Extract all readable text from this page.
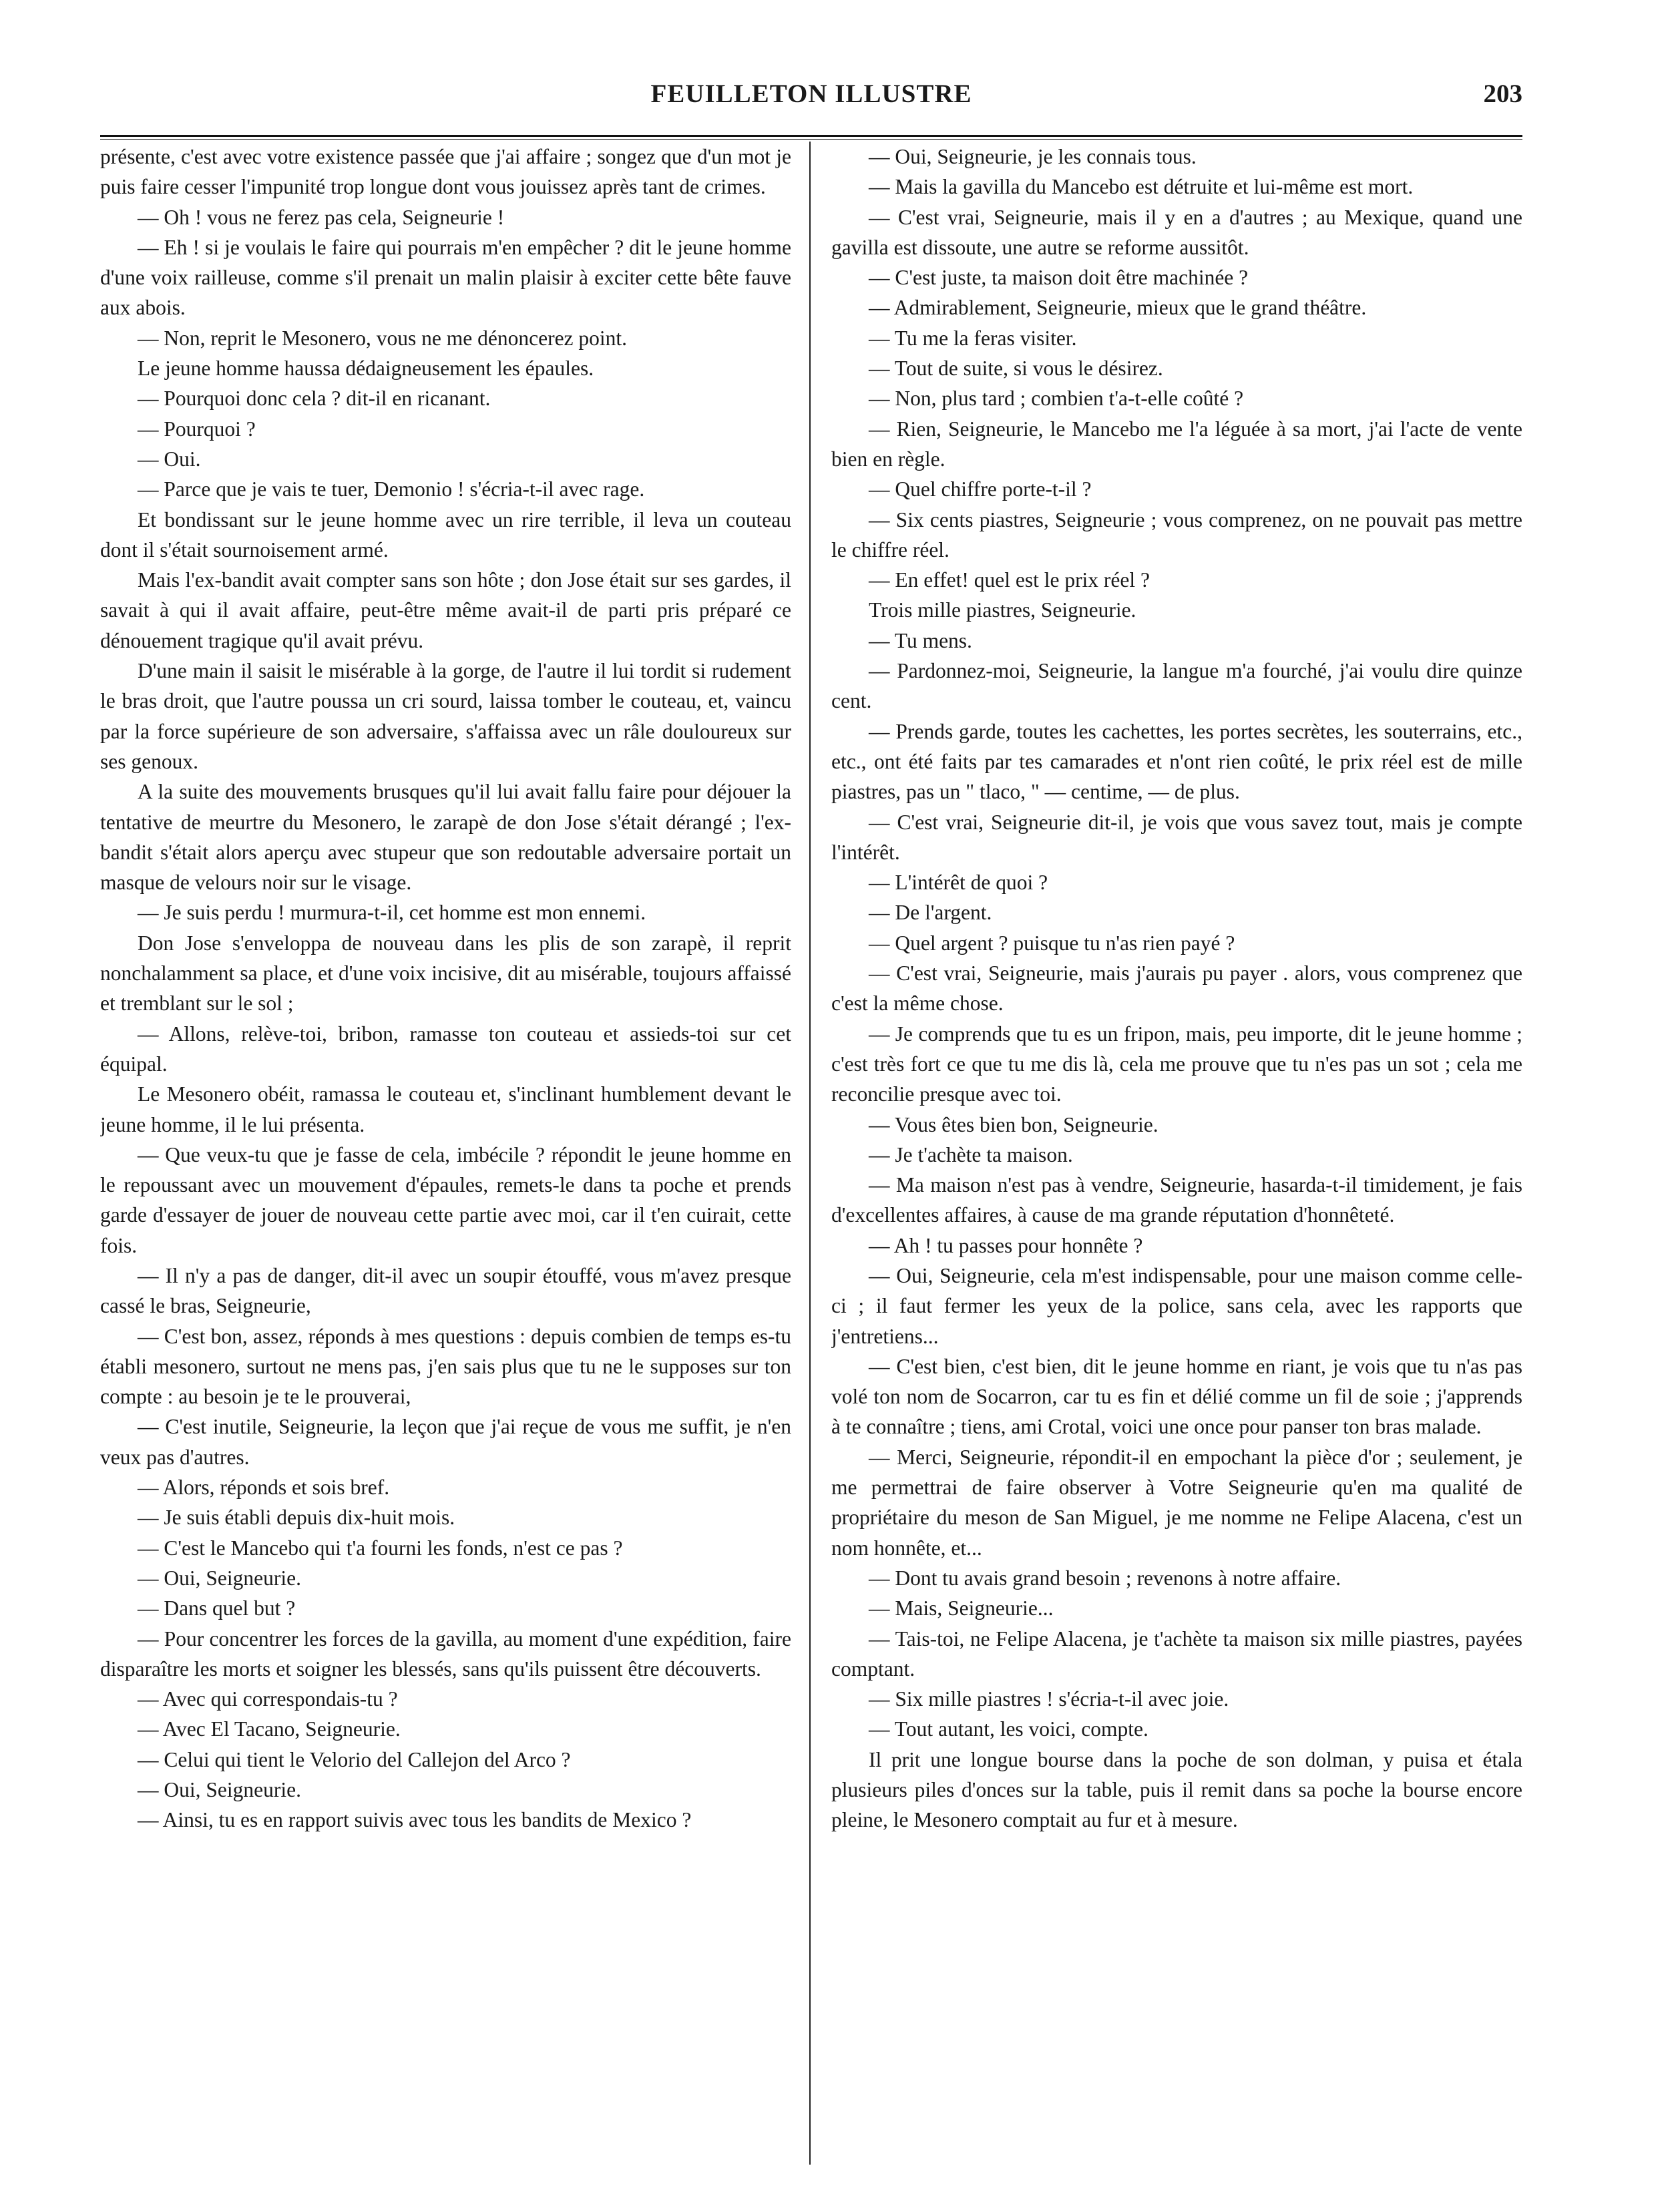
FEUILLETON ILLUSTRE	203

présente, c'est avec votre existence passée que j'ai affaire ; songez que d'un mot je puis faire cesser l'impunité trop longue dont vous jouissez après tant de crimes.

— Oh ! vous ne ferez pas cela, Seigneurie !

— Eh ! si je voulais le faire qui pourrais m'en empêcher ? dit le jeune homme d'une voix railleuse, comme s'il prenait un malin plaisir à exciter cette bête fauve aux abois.

— Non, reprit le Mesonero, vous ne me dénoncerez point.

Le jeune homme haussa dédaigneusement les épaules.

— Pourquoi donc cela ? dit-il en ricanant.

— Pourquoi ?

— Oui.

— Parce que je vais te tuer, Demonio ! s'écria-t-il avec rage.

Et bondissant sur le jeune homme avec un rire terrible, il leva un couteau dont il s'était sournoisement armé.

Mais l'ex-bandit avait compter sans son hôte ; don Jose était sur ses gardes, il savait à qui il avait affaire, peut-être même avait-il de parti pris préparé ce dénouement tragique qu'il avait prévu.

D'une main il saisit le misérable à la gorge, de l'autre il lui tordit si rudement le bras droit, que l'autre poussa un cri sourd, laissa tomber le couteau, et, vaincu par la force supérieure de son adversaire, s'affaissa avec un râle douloureux sur ses genoux.

A la suite des mouvements brusques qu'il lui avait fallu faire pour déjouer la tentative de meurtre du Mesonero, le zarapè de don Jose s'était dérangé ; l'ex-bandit s'était alors aperçu avec stupeur que son redoutable adversaire portait un masque de velours noir sur le visage.

— Je suis perdu ! murmura-t-il, cet homme est mon ennemi.

Don Jose s'enveloppa de nouveau dans les plis de son zarapè, il reprit nonchalamment sa place, et d'une voix incisive, dit au misérable, toujours affaissé et tremblant sur le sol ;

— Allons, relève-toi, bribon, ramasse ton couteau et assieds-toi sur cet équipal.

Le Mesonero obéit, ramassa le couteau et, s'inclinant humblement devant le jeune homme, il le lui présenta.

— Que veux-tu que je fasse de cela, imbécile ? répondit le jeune homme en le repoussant avec un mouvement d'épaules, remets-le dans ta poche et prends garde d'essayer de jouer de nouveau cette partie avec moi, car il t'en cuirait, cette fois.

— Il n'y a pas de danger, dit-il avec un soupir étouffé, vous m'avez presque cassé le bras, Seigneurie,

— C'est bon, assez, réponds à mes questions : depuis combien de temps es-tu établi mesonero, surtout ne mens pas, j'en sais plus que tu ne le supposes sur ton compte : au besoin je te le prouverai,

— C'est inutile, Seigneurie, la leçon que j'ai reçue de vous me suffit, je n'en veux pas d'autres.

— Alors, réponds et sois bref.

— Je suis établi depuis dix-huit mois.

— C'est le Mancebo qui t'a fourni les fonds, n'est ce pas ?

— Oui, Seigneurie.

— Dans quel but ?

— Pour concentrer les forces de la gavilla, au moment d'une expédition, faire disparaître les morts et soigner les blessés, sans qu'ils puissent être découverts.

— Avec qui correspondais-tu ?

— Avec El Tacano, Seigneurie.

— Celui qui tient le Velorio del Callejon del Arco ?

— Oui, Seigneurie.

— Ainsi, tu es en rapport suivis avec tous les bandits de Mexico ?

— Oui, Seigneurie, je les connais tous.

— Mais la gavilla du Mancebo est détruite et lui-même est mort.

— C'est vrai, Seigneurie, mais il y en a d'autres ; au Mexique, quand une gavilla est dissoute, une autre se reforme aussitôt.

— C'est juste, ta maison doit être machinée ?

— Admirablement, Seigneurie, mieux que le grand théâtre.

— Tu me la feras visiter.

— Tout de suite, si vous le désirez.

— Non, plus tard ; combien t'a-t-elle coûté ?

— Rien, Seigneurie, le Mancebo me l'a léguée à sa mort, j'ai l'acte de vente bien en règle.

— Quel chiffre porte-t-il ?

— Six cents piastres, Seigneurie ; vous comprenez, on ne pouvait pas mettre le chiffre réel.

— En effet! quel est le prix réel ?

Trois mille piastres, Seigneurie.

— Tu mens.

— Pardonnez-moi, Seigneurie, la langue m'a fourché, j'ai voulu dire quinze cent.

— Prends garde, toutes les cachettes, les portes secrètes, les souterrains, etc., etc., ont été faits par tes camarades et n'ont rien coûté, le prix réel est de mille piastres, pas un " tlaco, " — centime, — de plus.

— C'est vrai, Seigneurie dit-il, je vois que vous savez tout, mais je compte l'intérêt.

— L'intérêt de quoi ?

— De l'argent.

— Quel argent ? puisque tu n'as rien payé ?

— C'est vrai, Seigneurie, mais j'aurais pu payer . alors, vous comprenez que c'est la même chose.

— Je comprends que tu es un fripon, mais, peu importe, dit le jeune homme ; c'est très fort ce que tu me dis là, cela me prouve que tu n'es pas un sot ; cela me reconcilie presque avec toi.

— Vous êtes bien bon, Seigneurie.

— Je t'achète ta maison.

— Ma maison n'est pas à vendre, Seigneurie, hasarda-t-il timidement, je fais d'excellentes affaires, à cause de ma grande réputation d'honnêteté.

— Ah ! tu passes pour honnête ?

— Oui, Seigneurie, cela m'est indispensable, pour une maison comme celle-ci ; il faut fermer les yeux de la police, sans cela, avec les rapports que j'entretiens...

— C'est bien, c'est bien, dit le jeune homme en riant, je vois que tu n'as pas volé ton nom de Socarron, car tu es fin et délié comme un fil de soie ; j'apprends à te connaître ; tiens, ami Crotal, voici une once pour panser ton bras malade.

— Merci, Seigneurie, répondit-il en empochant la pièce d'or ; seulement, je me permettrai de faire observer à Votre Seigneurie qu'en ma qualité de propriétaire du meson de San Miguel, je me nomme ne Felipe Alacena, c'est un nom honnête, et...

— Dont tu avais grand besoin ; revenons à notre affaire.

— Mais, Seigneurie...

— Tais-toi, ne Felipe Alacena, je t'achète ta maison six mille piastres, payées comptant.

— Six mille piastres ! s'écria-t-il avec joie.

— Tout autant, les voici, compte.

Il prit une longue bourse dans la poche de son dolman, y puisa et étala plusieurs piles d'onces sur la table, puis il remit dans sa poche la bourse encore pleine, le Mesonero comptait au fur et à mesure.
